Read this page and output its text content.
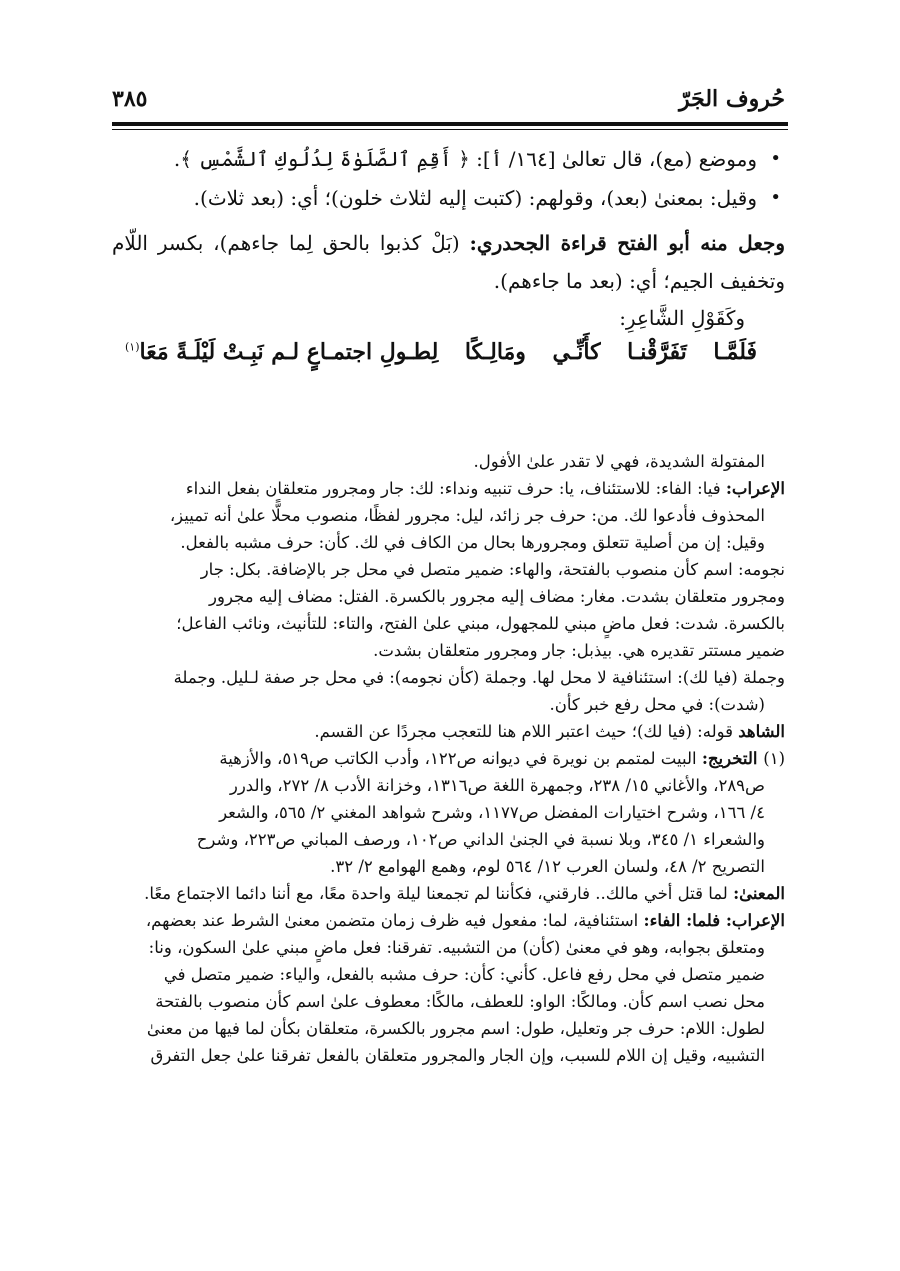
حُروف الجَرّ
٣٨٥
•
وموضع (مع)، قال تعالىٰ [١٦٤/ أ]: ﴿ أَقِمِ ٱلصَّلَوٰةَ لِدُلُوكِ ٱلشَّمْسِ ﴾.
•
وقيل: بمعنىٰ (بعد)، وقولهم: (كتبت إليه لثلاث خلون)؛ أي: (بعد ثلاث).
وجعل منه أبو الفتح قراءة الجحدري: (بَلْ كذبوا بالحق لِما جاءهم)، بكسر اللّام وتخفيف الجيم؛ أي: (بعد ما جاءهم).
وكَقَوْلِ الشَّاعِرِ:
فَلَمَّـا
تَفَرَّقْنـا
كأَنِّـي
ومَالِـكًا
لِطـولِ اجتمـاعٍ لـم نَبِـتْ لَيْلَـةً مَعَا$^{(١)}$

المفتولة الشديدة، فهي لا تقدر علىٰ الأفول.

الإعراب: فيا: الفاء: للاستئناف، يا: حرف تنبيه ونداء: لك: جار ومجرور متعلقان بفعل النداء

المحذوف فأدعوا لك. من: حرف جر زائد، ليل: مجرور لفظًا، منصوب محلًّا علىٰ أنه تمييز،

وقيل: إن من أصلية تتعلق ومجرورها بحال من الكاف في لك. كأن: حرف مشبه بالفعل.

نجومه: اسم كأن منصوب بالفتحة، والهاء: ضمير متصل في محل جر بالإضافة. بكل: جار

ومجرور متعلقان بشدت. مغار: مضاف إليه مجرور بالكسرة. الفتل: مضاف إليه مجرور

بالكسرة. شدت: فعل ماضٍ مبني للمجهول، مبني علىٰ الفتح، والتاء: للتأنيث، ونائب الفاعل؛

ضمير مستتر تقديره هي. بيذبل: جار ومجرور متعلقان بشدت.

وجملة (فيا لك): استئنافية لا محل لها. وجملة (كأن نجومه): في محل جر صفة لـليل. وجملة

(شدت): في محل رفع خبر كأن.

الشاهد قوله: (فيا لك)؛ حيث اعتبر اللام هنا للتعجب مجردًا عن القسم.

(١) التخريج: البيت لمتمم بن نويرة في ديوانه ص١٢٢، وأدب الكاتب ص٥١٩، والأزهية

ص٢٨٩، والأغاني ١٥/ ٢٣٨، وجمهرة اللغة ص١٣١٦، وخزانة الأدب ٨/ ٢٧٢، والدرر

٤/ ١٦٦، وشرح اختيارات المفضل ص١١٧٧، وشرح شواهد المغني ٢/ ٥٦٥، والشعر

والشعراء ١/ ٣٤٥، وبلا نسبة في الجنىٰ الداني ص١٠٢، ورصف المباني ص٢٢٣، وشرح

التصريح ٢/ ٤٨، ولسان العرب ١٢/ ٥٦٤ لوم، وهمع الهوامع ٢/ ٣٢.

المعنىٰ: لما قتل أخي مالك.. فارقني، فكأننا لم تجمعنا ليلة واحدة معًا، مع أننا دائما الاجتماع معًا.

الإعراب: فلما: الفاء: استئنافية، لما: مفعول فيه ظرف زمان متضمن معنىٰ الشرط عند بعضهم،

ومتعلق بجوابه، وهو في معنىٰ (كأن) من التشبيه. تفرقنا: فعل ماضٍ مبني علىٰ السكون، ونا:

ضمير متصل في محل رفع فاعل. كأني: كأن: حرف مشبه بالفعل، والياء: ضمير متصل في

محل نصب اسم كأن. ومالكًا: الواو: للعطف، مالكًا: معطوف علىٰ اسم كأن منصوب بالفتحة

لطول: اللام: حرف جر وتعليل، طول: اسم مجرور بالكسرة، متعلقان بكأن لما فيها من معنىٰ

التشبيه، وقيل إن اللام للسبب، وإن الجار والمجرور متعلقان بالفعل تفرقنا علىٰ جعل التفرق
